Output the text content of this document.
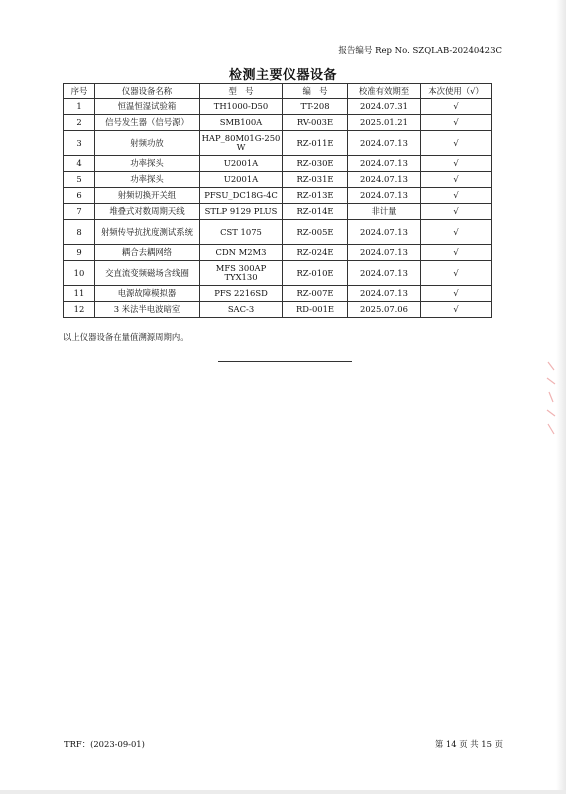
报告编号 Rep No. SZQLAB-20240423C
检测主要仪器设备
序号	仪器设备名称	型　号	编　号	校准有效期至	本次使用（√）
1	恒温恒湿试验箱	TH1000-D50	TT-208	2024.07.31	√
2	信号发生器（信号源）	SMB100A	RV-003E	2025.01.21	√
3	射频功放	HAP_80M01G-250 W	RZ-011E	2024.07.13	√
4	功率探头	U2001A	RZ-030E	2024.07.13	√
5	功率探头	U2001A	RZ-031E	2024.07.13	√
6	射频切换开关组	PFSU_DC18G-4C	RZ-013E	2024.07.13	√
7	堆叠式对数周期天线	STLP 9129 PLUS	RZ-014E	非计量	√
8	射频传导抗扰度测试系统	CST 1075	RZ-005E	2024.07.13	√
9	耦合去耦网络	CDN M2M3	RZ-024E	2024.07.13	√
10	交直流变频磁场含线圈	MFS 300AP TYX130	RZ-010E	2024.07.13	√
11	电源故障模拟器	PFS 2216SD	RZ-007E	2024.07.13	√
12	3 米法半电波暗室	SAC-3	RD-001E	2025.07.06	√
以上仪器设备在量值溯源周期内。
TRF：(2023-09-01)	第 14 页 共 15 页
